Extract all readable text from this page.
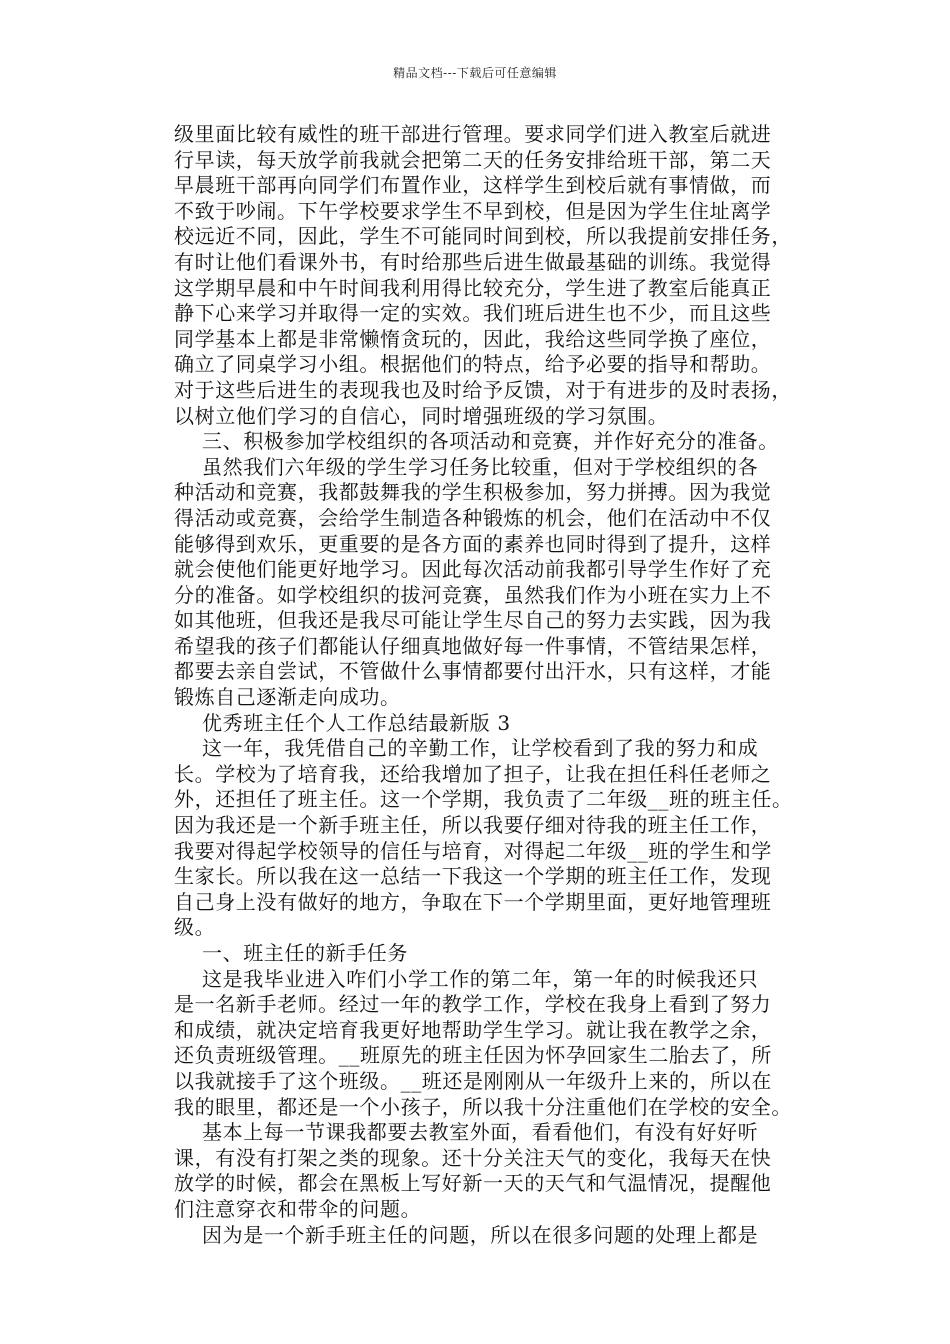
精品文档---下载后可任意编辑
级里面比较有威性的班干部进行管理。要求同学们进入教室后就进
行早读，每天放学前我就会把第二天的任务安排给班干部，第二天
早晨班干部再向同学们布置作业，这样学生到校后就有事情做，而
不致于吵闹。下午学校要求学生不早到校，但是因为学生住址离学
校远近不同，因此，学生不可能同时间到校，所以我提前安排任务，
有时让他们看课外书，有时给那些后进生做最基础的训练。我觉得
这学期早晨和中午时间我利用得比较充分，学生进了教室后能真正
静下心来学习并取得一定的实效。我们班后进生也不少，而且这些
同学基本上都是非常懒惰贪玩的，因此，我给这些同学换了座位，
确立了同桌学习小组。根据他们的特点，给予必要的指导和帮助。
对于这些后进生的表现我也及时给予反馈，对于有进步的及时表扬，
以树立他们学习的自信心，同时增强班级的学习氛围。
三、积极参加学校组织的各项活动和竞赛，并作好充分的准备。
虽然我们六年级的学生学习任务比较重，但对于学校组织的各
种活动和竞赛，我都鼓舞我的学生积极参加，努力拼搏。因为我觉
得活动或竞赛，会给学生制造各种锻炼的机会，他们在活动中不仅
能够得到欢乐，更重要的是各方面的素养也同时得到了提升，这样
就会使他们能更好地学习。因此每次活动前我都引导学生作好了充
分的准备。如学校组织的拔河竞赛，虽然我们作为小班在实力上不
如其他班，但我还是我尽可能让学生尽自己的努力去实践，因为我
希望我的孩子们都能认仔细真地做好每一件事情，不管结果怎样，
都要去亲自尝试，不管做什么事情都要付出汗水，只有这样，才能
锻炼自己逐渐走向成功。
优秀班主任个人工作总结最新版 3
这一年，我凭借自己的辛勤工作，让学校看到了我的努力和成
长。学校为了培育我，还给我增加了担子，让我在担任科任老师之
外，还担任了班主任。这一个学期，我负责了二年级__班的班主任。
因为我还是一个新手班主任，所以我要仔细对待我的班主任工作，
我要对得起学校领导的信任与培育，对得起二年级__班的学生和学
生家长。所以我在这一总结一下我这一个学期的班主任工作，发现
自己身上没有做好的地方，争取在下一个学期里面，更好地管理班
级。
一、班主任的新手任务
这是我毕业进入咋们小学工作的第二年，第一年的时候我还只
是一名新手老师。经过一年的教学工作，学校在我身上看到了努力
和成绩，就决定培育我更好地帮助学生学习。就让我在教学之余，
还负责班级管理。__班原先的班主任因为怀孕回家生二胎去了，所
以我就接手了这个班级。__班还是刚刚从一年级升上来的，所以在
我的眼里，都还是一个小孩子，所以我十分注重他们在学校的安全。
基本上每一节课我都要去教室外面，看看他们，有没有好好听
课，有没有打架之类的现象。还十分关注天气的变化，我每天在快
放学的时候，都会在黑板上写好新一天的天气和气温情况，提醒他
们注意穿衣和带伞的问题。
因为是一个新手班主任的问题，所以在很多问题的处理上都是
